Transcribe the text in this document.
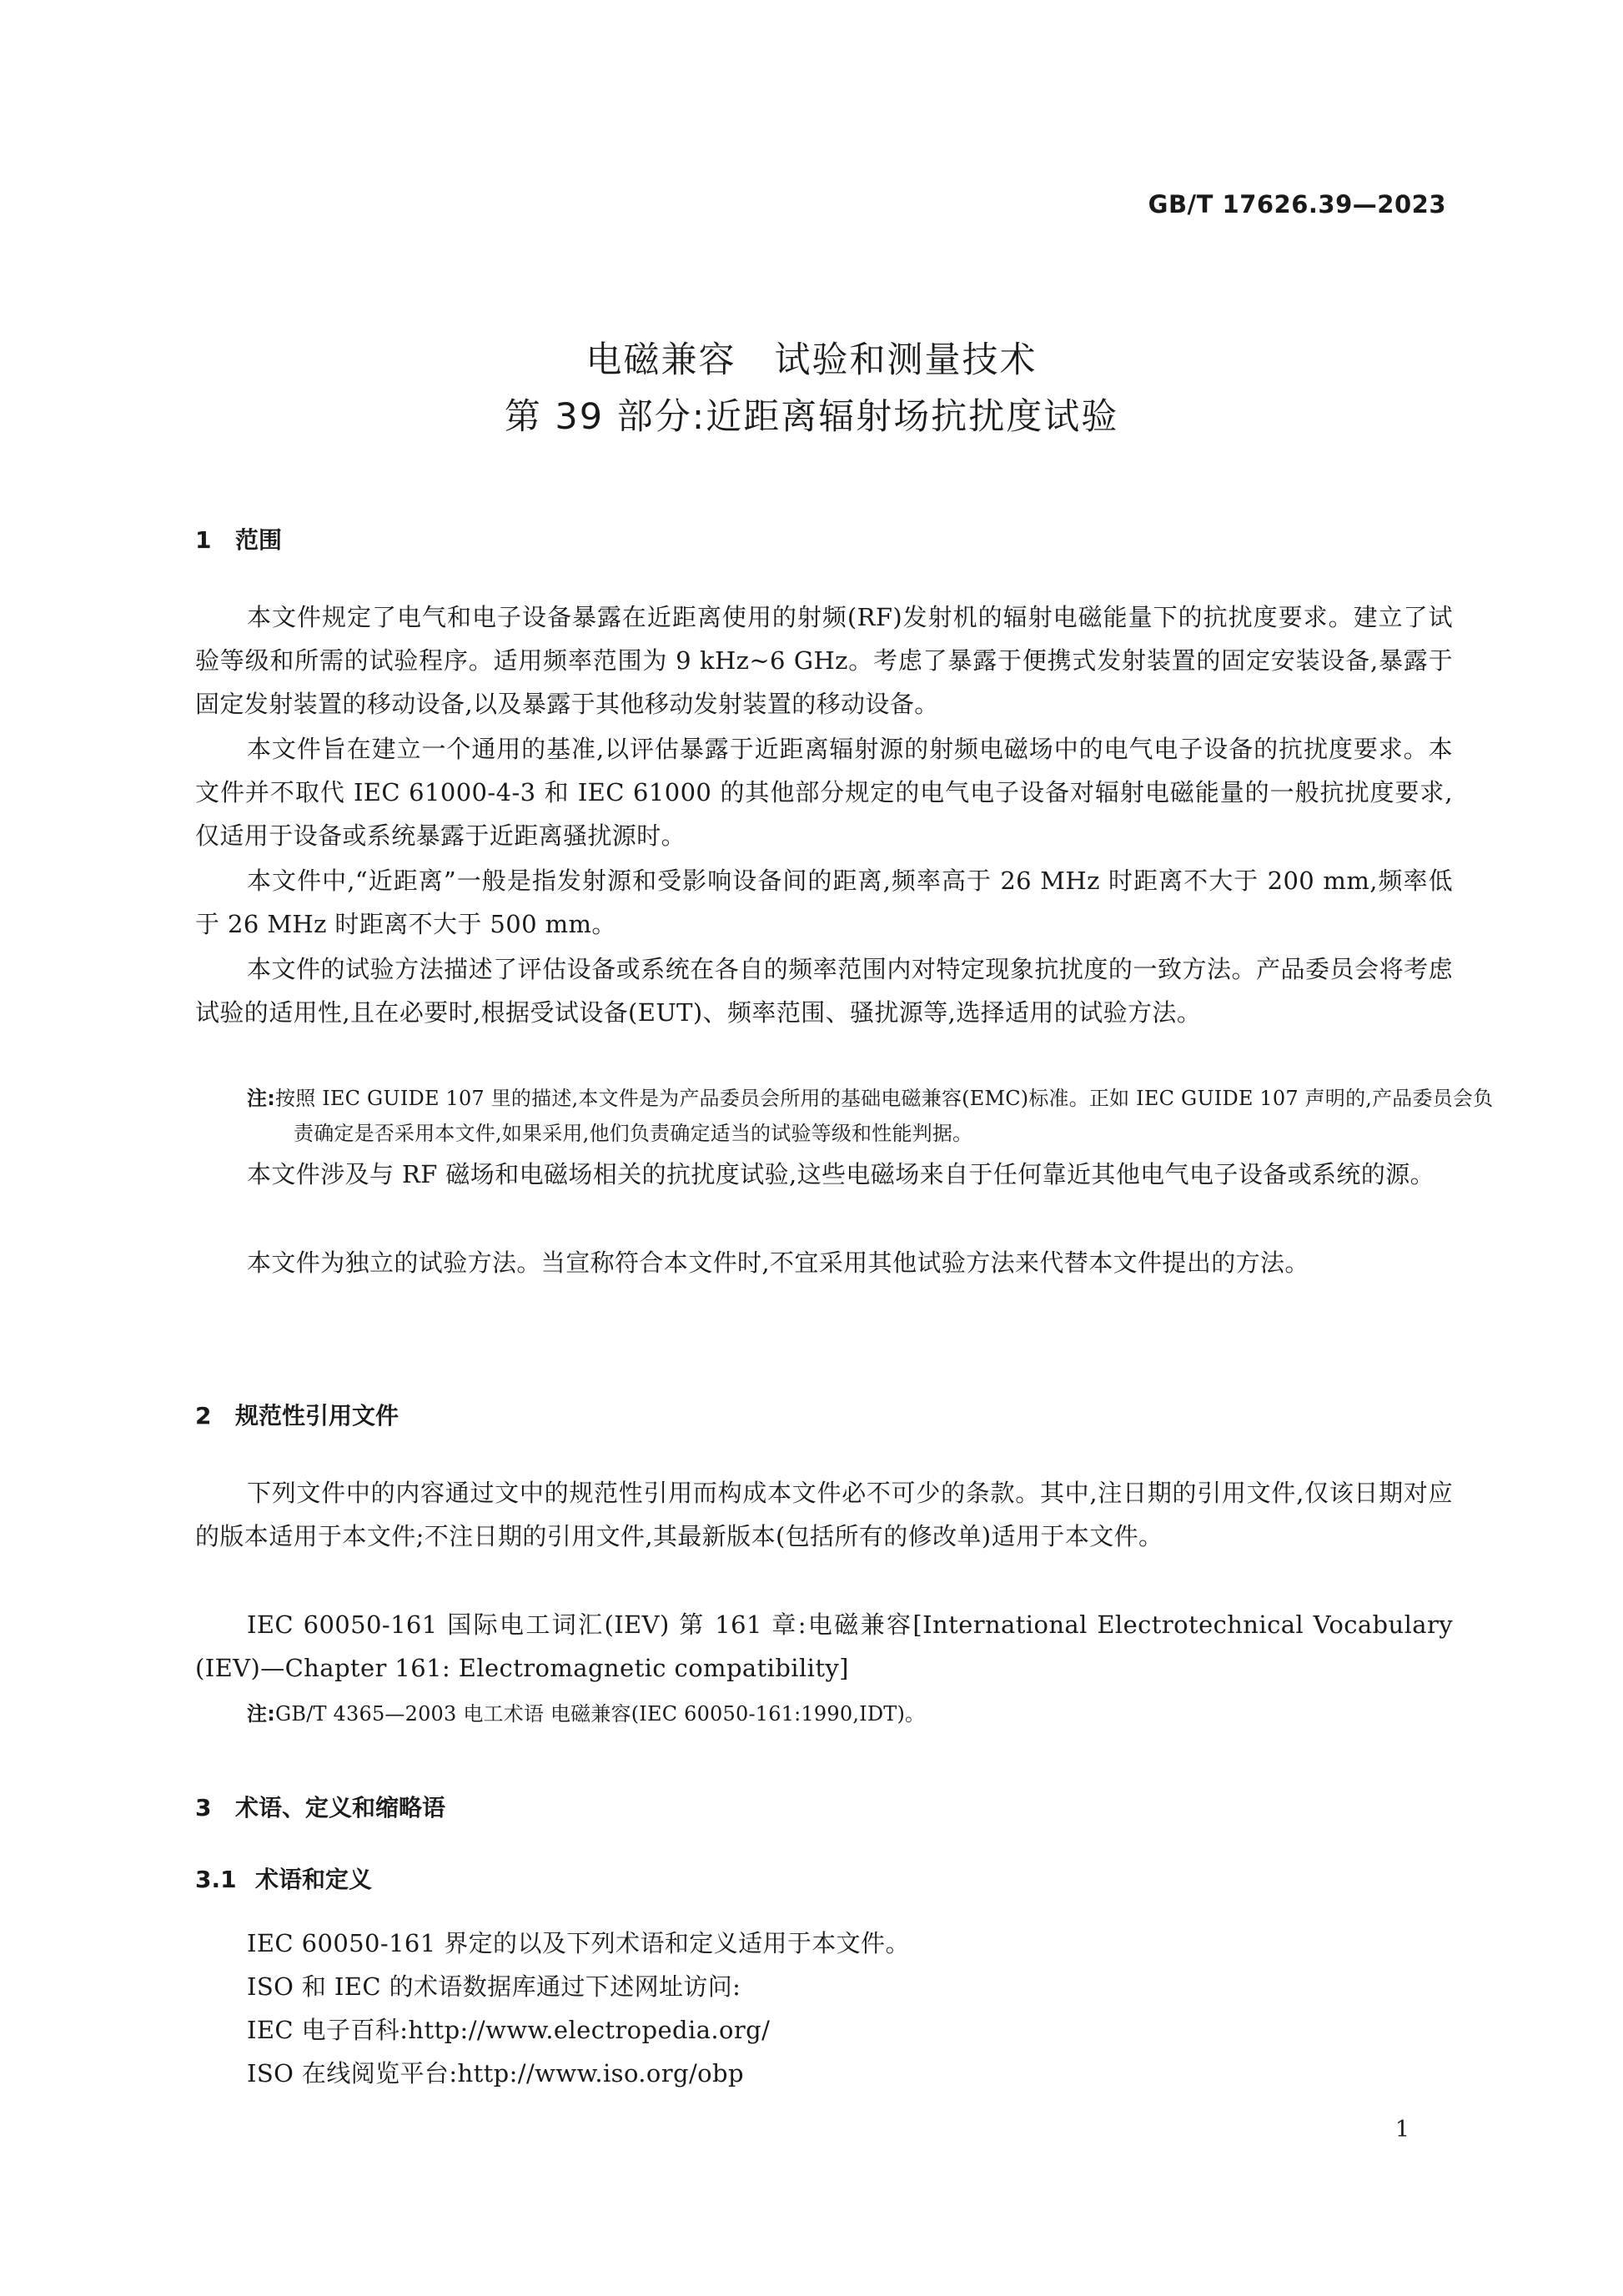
GB/T 17626.39—2023
电磁兼容 试验和测量技术
第 39 部分:近距离辐射场抗扰度试验
1 范围
本文件规定了电气和电子设备暴露在近距离使用的射频(RF)发射机的辐射电磁能量下的抗扰度要求。建立了试验等级和所需的试验程序。适用频率范围为 9 kHz~6 GHz。考虑了暴露于便携式发射装置的固定安装设备,暴露于固定发射装置的移动设备,以及暴露于其他移动发射装置的移动设备。
本文件旨在建立一个通用的基准,以评估暴露于近距离辐射源的射频电磁场中的电气电子设备的抗扰度要求。本文件并不取代 IEC 61000-4-3 和 IEC 61000 的其他部分规定的电气电子设备对辐射电磁能量的一般抗扰度要求,仅适用于设备或系统暴露于近距离骚扰源时。
本文件中,“近距离”一般是指发射源和受影响设备间的距离,频率高于 26 MHz 时距离不大于 200 mm,频率低于 26 MHz 时距离不大于 500 mm。
本文件的试验方法描述了评估设备或系统在各自的频率范围内对特定现象抗扰度的一致方法。产品委员会将考虑试验的适用性,且在必要时,根据受试设备(EUT)、频率范围、骚扰源等,选择适用的试验方法。
注:按照 IEC GUIDE 107 里的描述,本文件是为产品委员会所用的基础电磁兼容(EMC)标准。正如 IEC GUIDE 107 声明的,产品委员会负责确定是否采用本文件,如果采用,他们负责确定适当的试验等级和性能判据。
本文件涉及与 RF 磁场和电磁场相关的抗扰度试验,这些电磁场来自于任何靠近其他电气电子设备或系统的源。
本文件为独立的试验方法。当宣称符合本文件时,不宜采用其他试验方法来代替本文件提出的方法。
2 规范性引用文件
下列文件中的内容通过文中的规范性引用而构成本文件必不可少的条款。其中,注日期的引用文件,仅该日期对应的版本适用于本文件;不注日期的引用文件,其最新版本(包括所有的修改单)适用于本文件。
IEC 60050-161 国际电工词汇(IEV) 第 161 章:电磁兼容[International Electrotechnical Vocabulary (IEV)—Chapter 161: Electromagnetic compatibility]
注:GB/T 4365—2003 电工术语 电磁兼容(IEC 60050-161:1990,IDT)。
3 术语、定义和缩略语
3.1 术语和定义
IEC 60050-161 界定的以及下列术语和定义适用于本文件。
ISO 和 IEC 的术语数据库通过下述网址访问:
IEC 电子百科:http://www.electropedia.org/
ISO 在线阅览平台:http://www.iso.org/obp
1
